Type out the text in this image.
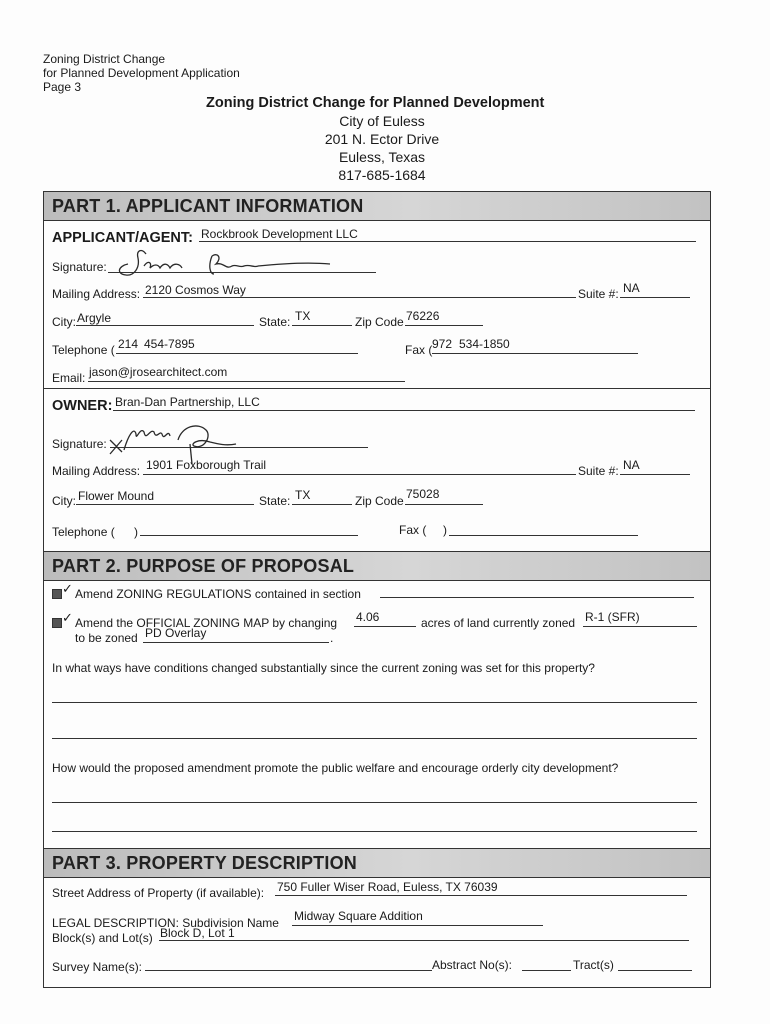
Zoning District Change
for Planned Development Application
Page 3
Zoning District Change for Planned Development
City of Euless
201 N. Ector Drive
Euless, Texas
817-685-1684
PART 1. APPLICANT INFORMATION
APPLICANT/AGENT: Rockbrook Development LLC
Signature:
Mailing Address: 2120 Cosmos Way	Suite #: NA
City: Argyle	State: TX	Zip Code 76226
Telephone ( 214 454-7895	Fax ( 972 534-1850
Email: jason@jrosearchitect.com
OWNER: Bran-Dan Partnership, LLC
Signature:
Mailing Address: 1901 Foxborough Trail	Suite #: NA
City: Flower Mound	State: TX	Zip Code 75028
Telephone ( )	Fax ( )
PART 2. PURPOSE OF PROPOSAL
✓ Amend ZONING REGULATIONS contained in section
✓ Amend the OFFICIAL ZONING MAP by changing 4.06	acres of land currently zoned R-1 (SFR)
to be zoned PD Overlay	.
In what ways have conditions changed substantially since the current zoning was set for this property?
How would the proposed amendment promote the public welfare and encourage orderly city development?
PART 3. PROPERTY DESCRIPTION
Street Address of Property (if available): 750 Fuller Wiser Road, Euless, TX 76039
LEGAL DESCRIPTION: Subdivision Name Midway Square Addition
Block(s) and Lot(s) Block D, Lot 1
Survey Name(s):	Abstract No(s):	Tract(s)
